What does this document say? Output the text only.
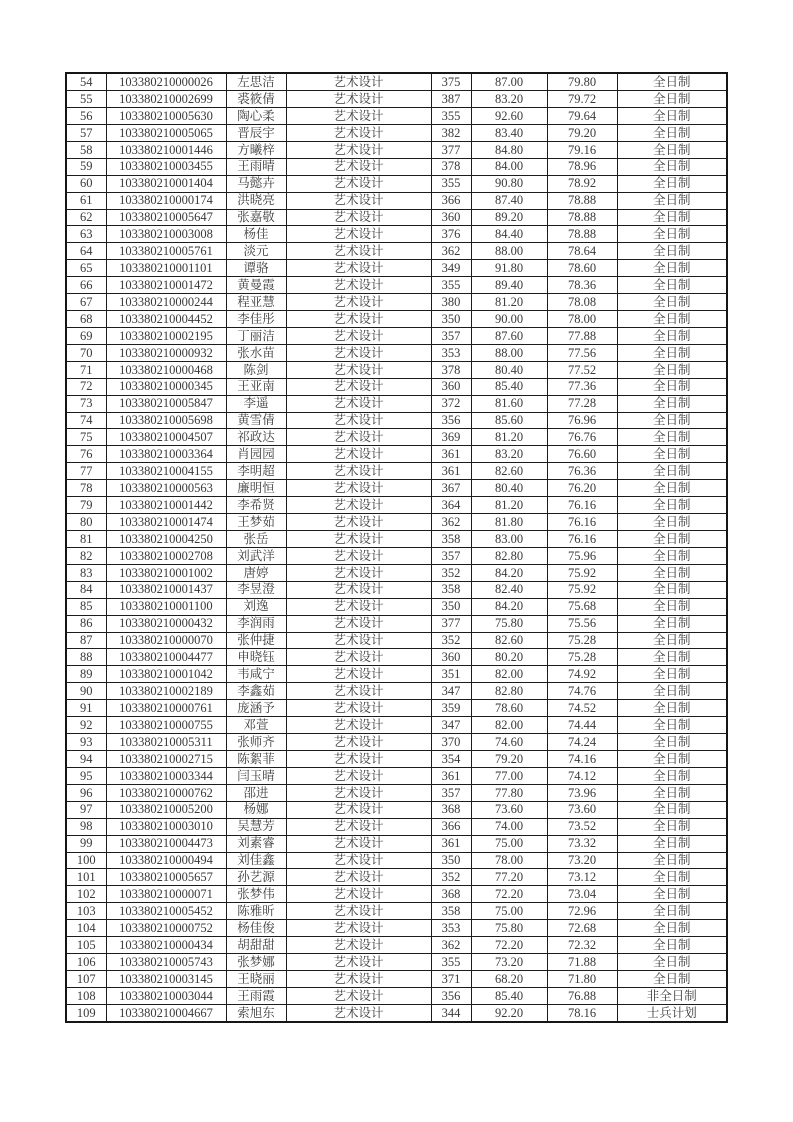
54	103380210000026	左思洁	艺术设计	375	87.00	79.80	全日制
55	103380210002699	裘筱倩	艺术设计	387	83.20	79.72	全日制
56	103380210005630	陶心柔	艺术设计	355	92.60	79.64	全日制
57	103380210005065	晋辰宇	艺术设计	382	83.40	79.20	全日制
58	103380210001446	方曦梓	艺术设计	377	84.80	79.16	全日制
59	103380210003455	王雨晴	艺术设计	378	84.00	78.96	全日制
60	103380210001404	马懿卉	艺术设计	355	90.80	78.92	全日制
61	103380210000174	洪晓亮	艺术设计	366	87.40	78.88	全日制
62	103380210005647	张嘉敬	艺术设计	360	89.20	78.88	全日制
63	103380210003008	杨佳	艺术设计	376	84.40	78.88	全日制
64	103380210005761	淡元	艺术设计	362	88.00	78.64	全日制
65	103380210001101	谭骆	艺术设计	349	91.80	78.60	全日制
66	103380210001472	黄曼霞	艺术设计	355	89.40	78.36	全日制
67	103380210000244	程亚慧	艺术设计	380	81.20	78.08	全日制
68	103380210004452	李佳彤	艺术设计	350	90.00	78.00	全日制
69	103380210002195	丁丽洁	艺术设计	357	87.60	77.88	全日制
70	103380210000932	张水苗	艺术设计	353	88.00	77.56	全日制
71	103380210000468	陈剑	艺术设计	378	80.40	77.52	全日制
72	103380210000345	王亚南	艺术设计	360	85.40	77.36	全日制
73	103380210005847	李遥	艺术设计	372	81.60	77.28	全日制
74	103380210005698	黄雪倩	艺术设计	356	85.60	76.96	全日制
75	103380210004507	祁政达	艺术设计	369	81.20	76.76	全日制
76	103380210003364	肖园园	艺术设计	361	83.20	76.60	全日制
77	103380210004155	李明超	艺术设计	361	82.60	76.36	全日制
78	103380210000563	廉明恒	艺术设计	367	80.40	76.20	全日制
79	103380210001442	李希贤	艺术设计	364	81.20	76.16	全日制
80	103380210001474	王梦茹	艺术设计	362	81.80	76.16	全日制
81	103380210004250	张岳	艺术设计	358	83.00	76.16	全日制
82	103380210002708	刘武洋	艺术设计	357	82.80	75.96	全日制
83	103380210001002	唐婷	艺术设计	352	84.20	75.92	全日制
84	103380210001437	李昱澄	艺术设计	358	82.40	75.92	全日制
85	103380210001100	刘逸	艺术设计	350	84.20	75.68	全日制
86	103380210000432	李润雨	艺术设计	377	75.80	75.56	全日制
87	103380210000070	张仲捷	艺术设计	352	82.60	75.28	全日制
88	103380210004477	申晓钰	艺术设计	360	80.20	75.28	全日制
89	103380210001042	韦咸宁	艺术设计	351	82.00	74.92	全日制
90	103380210002189	李鑫茹	艺术设计	347	82.80	74.76	全日制
91	103380210000761	庞涵予	艺术设计	359	78.60	74.52	全日制
92	103380210000755	邓萱	艺术设计	347	82.00	74.44	全日制
93	103380210005311	张师齐	艺术设计	370	74.60	74.24	全日制
94	103380210002715	陈絮菲	艺术设计	354	79.20	74.16	全日制
95	103380210003344	闫玉晴	艺术设计	361	77.00	74.12	全日制
96	103380210000762	邵进	艺术设计	357	77.80	73.96	全日制
97	103380210005200	杨娜	艺术设计	368	73.60	73.60	全日制
98	103380210003010	吴慧芳	艺术设计	366	74.00	73.52	全日制
99	103380210004473	刘素睿	艺术设计	361	75.00	73.32	全日制
100	103380210000494	刘佳鑫	艺术设计	350	78.00	73.20	全日制
101	103380210005657	孙艺源	艺术设计	352	77.20	73.12	全日制
102	103380210000071	张梦伟	艺术设计	368	72.20	73.04	全日制
103	103380210005452	陈雅昕	艺术设计	358	75.00	72.96	全日制
104	103380210000752	杨佳俊	艺术设计	353	75.80	72.68	全日制
105	103380210000434	胡甜甜	艺术设计	362	72.20	72.32	全日制
106	103380210005743	张梦娜	艺术设计	355	73.20	71.88	全日制
107	103380210003145	王晓丽	艺术设计	371	68.20	71.80	全日制
108	103380210003044	王雨霞	艺术设计	356	85.40	76.88	非全日制
109	103380210004667	索旭东	艺术设计	344	92.20	78.16	士兵计划
